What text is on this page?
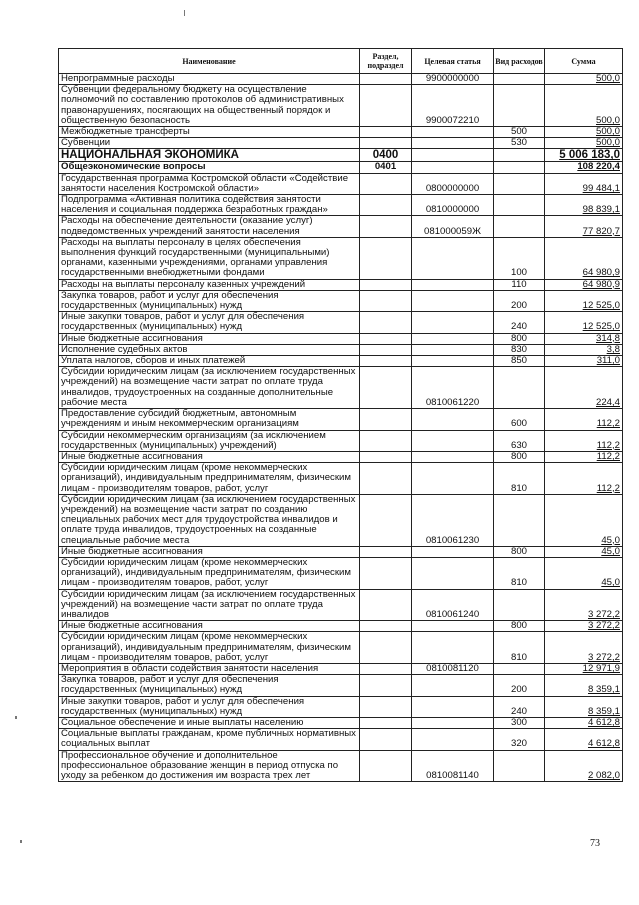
Наименование	Раздел, подраздел	Целевая статья	Вид расходов	Сумма
Непрограммные расходы		9900000000		500,0
Субвенции федеральному бюджету на осуществление полномочий по составлению протоколов об административных правонарушениях, посягающих на общественный порядок и общественную безопасность		9900072210		500,0
Межбюджетные трансферты			500	500,0
Субвенции			530	500,0
НАЦИОНАЛЬНАЯ ЭКОНОМИКА	0400			5 006 183,0
Общеэкономические вопросы	0401			108 220,4
Государственная программа Костромской области «Содействие занятости населения Костромской области»		0800000000		99 484,1
Подпрограмма «Активная политика содействия занятости населения и социальная поддержка безработных граждан»		0810000000		98 839,1
Расходы на обеспечение деятельности (оказание услуг) подведомственных учреждений занятости населения		081000059Ж		77 820,7
Расходы на выплаты персоналу в целях обеспечения выполнения функций государственными (муниципальными) органами, казенными учреждениями, органами управления государственными внебюджетными фондами			100	64 980,9
Расходы на выплаты персоналу казенных учреждений			110	64 980,9
Закупка товаров, работ и услуг для обеспечения государственных (муниципальных) нужд			200	12 525,0
Иные закупки товаров, работ и услуг для обеспечения государственных (муниципальных) нужд			240	12 525,0
Иные бюджетные ассигнования			800	314,8
Исполнение судебных актов			830	3,8
Уплата налогов, сборов и иных платежей			850	311,0
Субсидии юридическим лицам (за исключением государственных учреждений) на возмещение части затрат по оплате труда инвалидов, трудоустроенных на созданные дополнительные рабочие места		0810061220		224,4
Предоставление субсидий бюджетным, автономным учреждениям и иным некоммерческим организациям			600	112,2
Субсидии некоммерческим организациям (за исключением государственных (муниципальных) учреждений)			630	112,2
Иные бюджетные ассигнования			800	112,2
Субсидии юридическим лицам (кроме некоммерческих организаций), индивидуальным предпринимателям, физическим лицам - производителям товаров, работ, услуг			810	112,2
Субсидии юридическим лицам (за исключением государственных учреждений) на возмещение части затрат по созданию специальных рабочих мест для трудоустройства инвалидов и оплате труда инвалидов, трудоустроенных на созданные специальные рабочие места		0810061230		45,0
Иные бюджетные ассигнования			800	45,0
Субсидии юридическим лицам (кроме некоммерческих организаций), индивидуальным предпринимателям, физическим лицам - производителям товаров, работ, услуг			810	45,0
Субсидии юридическим лицам (за исключением государственных учреждений) на возмещение части затрат по оплате труда инвалидов		0810061240		3 272,2
Иные бюджетные ассигнования			800	3 272,2
Субсидии юридическим лицам (кроме некоммерческих организаций), индивидуальным предпринимателям, физическим лицам - производителям товаров, работ, услуг			810	3 272,2
Мероприятия в области содействия занятости населения		0810081120		12 971,9
Закупка товаров, работ и услуг для обеспечения государственных (муниципальных) нужд			200	8 359,1
Иные закупки товаров, работ и услуг для обеспечения государственных (муниципальных) нужд			240	8 359,1
Социальное обеспечение и иные выплаты населению			300	4 612,8
Социальные выплаты гражданам, кроме публичных нормативных социальных выплат			320	4 612,8
Профессиональное обучение и дополнительное профессиональное образование женщин в период отпуска по уходу за ребенком до достижения им возраста трех лет		0810081140		2 082,0
73
